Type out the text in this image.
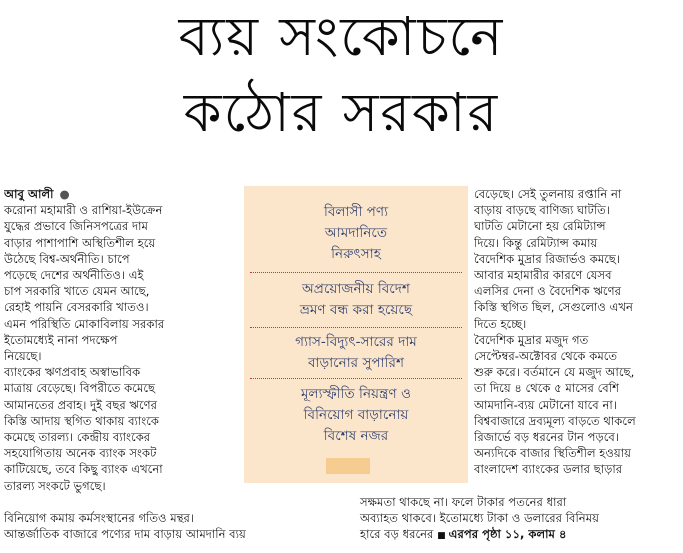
ব্যয় সংকোচনে
কঠোর সরকার
আবু আলী ●
করোনা মহামারী ও রাশিয়া-ইউক্রেন
যুদ্ধের প্রভাবে জিনিসপত্রের দাম
বাড়ার পাশাপাশি অস্থিতিশীল হয়ে
উঠেছে বিশ্ব-অর্থনীতি। চাপে
পড়েছে দেশের অর্থনীতিও। এই
চাপ সরকারি খাতে যেমন আছে,
রেহাই পায়নি বেসরকারি খাতও।
এমন পরিস্থিতি মোকাবিলায় সরকার
ইতোমধ্যেই নানা পদক্ষেপ
নিয়েছে।
ব্যাংকের ঋণপ্রবাহ অস্বাভাবিক
মাত্রায় বেড়েছে। বিপরীতে কমেছে
আমানতের প্রবাহ। দুই বছর ঋণের
কিস্তি আদায় স্থগিত থাকায় ব্যাংকে
কমেছে তারল্য। কেন্দ্রীয় ব্যাংকের
সহযোগিতায় অনেক ব্যাংক সংকট
কাটিয়েছে, তবে কিছু ব্যাংক এখনো
তারল্য সংকটে ভুগছে।
বিলাসী পণ্য
আমদানিতে
নিরুৎসাহ
অপ্রয়োজনীয় বিদেশ
ভ্রমণ বন্ধ করা হয়েছে
গ্যাস-বিদ্যুৎ-সারের দাম
বাড়ানোর সুপারিশ
মূল্যস্ফীতি নিয়ন্ত্রণ ও
বিনিয়োগ বাড়ানোয়
বিশেষ নজর
বেড়েছে। সেই তুলনায় রপ্তানি না
বাড়ায় বাড়ছে বাণিজ্য ঘাটতি।
ঘাটতি মেটানো হয় রেমিট্যান্স
দিয়ে। কিন্তু রেমিট্যান্স কমায়
বৈদেশিক মুদ্রার রিজার্ভও কমছে।
আবার মহামারীর কারণে যেসব
এলসির দেনা ও বৈদেশিক ঋণের
কিস্তি স্থগিত ছিল, সেগুলোও এখন
দিতে হচ্ছে।
বৈদেশিক মুদ্রার মজুদ গত
সেপ্টেম্বর-অক্টোবর থেকে কমতে
শুরু করে। বর্তমানে যে মজুদ আছে,
তা দিয়ে ৪ থেকে ৫ মাসের বেশি
আমদানি-ব্যয় মেটানো যাবে না।
বিশ্ববাজারে দ্রব্যমূল্য বাড়তে থাকলে
রিজার্ভে বড় ধরনের টান পড়বে।
অন্যদিকে বাজার স্থিতিশীল হওয়ায়
বাংলাদেশ ব্যাংকের ডলার ছাড়ার
বিনিয়োগ কমায় কর্মসংস্থানের গতিও মন্থর।
আন্তর্জাতিক বাজারে পণ্যের দাম বাড়ায় আমদানি ব্যয়
সক্ষমতা থাকছে না। ফলে টাকার পতনের ধারা
অব্যাহত থাকবে। ইতোমধ্যে টাকা ও ডলারের বিনিময়
হারে বড় ধরনের ■ এরপর পৃষ্ঠা ১১, কলাম ৪
